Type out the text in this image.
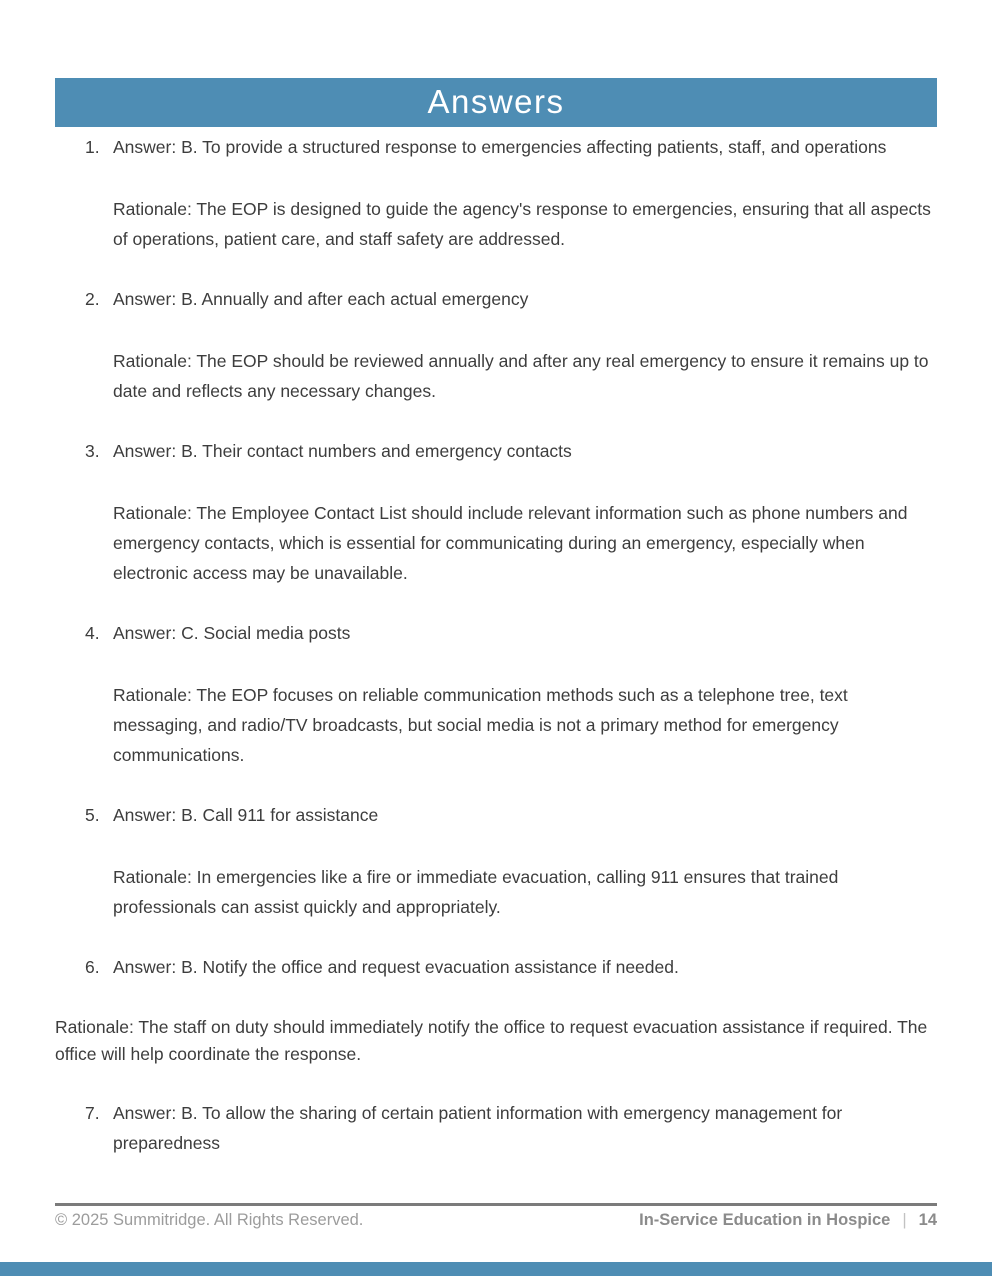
Answers
1. Answer: B. To provide a structured response to emergencies affecting patients, staff, and operations

Rationale: The EOP is designed to guide the agency's response to emergencies, ensuring that all aspects of operations, patient care, and staff safety are addressed.

2. Answer: B. Annually and after each actual emergency

Rationale: The EOP should be reviewed annually and after any real emergency to ensure it remains up to date and reflects any necessary changes.

3. Answer: B. Their contact numbers and emergency contacts

Rationale: The Employee Contact List should include relevant information such as phone numbers and emergency contacts, which is essential for communicating during an emergency, especially when electronic access may be unavailable.

4. Answer: C. Social media posts

Rationale: The EOP focuses on reliable communication methods such as a telephone tree, text messaging, and radio/TV broadcasts, but social media is not a primary method for emergency communications.

5. Answer: B. Call 911 for assistance

Rationale: In emergencies like a fire or immediate evacuation, calling 911 ensures that trained professionals can assist quickly and appropriately.

6. Answer: B. Notify the office and request evacuation assistance if needed.

Rationale: The staff on duty should immediately notify the office to request evacuation assistance if required. The office will help coordinate the response.

7. Answer: B. To allow the sharing of certain patient information with emergency management for preparedness

© 2025 Summitridge. All Rights Reserved.	In-Service Education in Hospice | 14
